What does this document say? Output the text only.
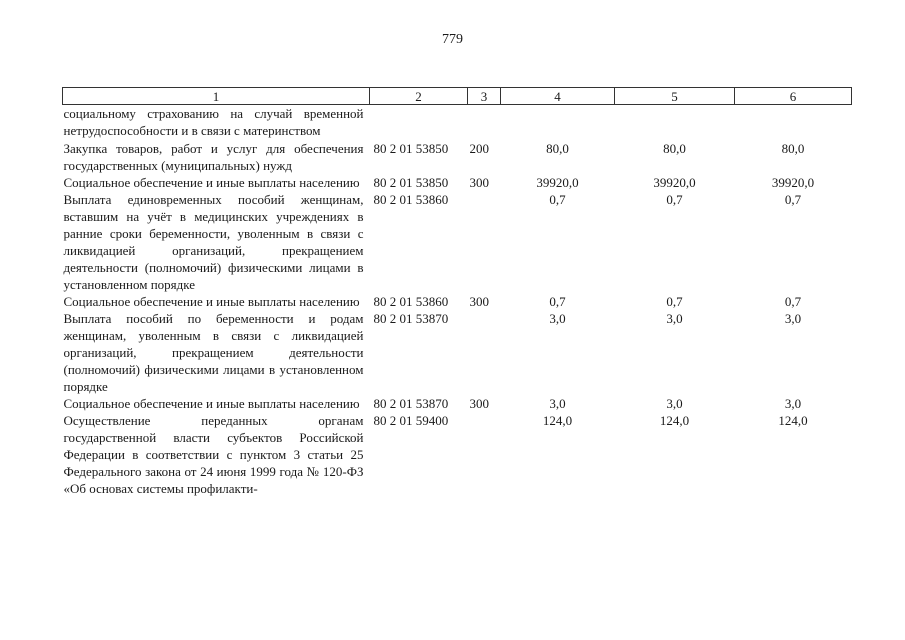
779
1	2	3	4	5	6
социальному страхованию на случай временной нетрудоспособности и в связи с материнством					
Закупка товаров, работ и услуг для обеспечения государственных (муниципальных) нужд	80 2 01 53850	200	80,0	80,0	80,0
Социальное обеспечение и иные выплаты населению	80 2 01 53850	300	39920,0	39920,0	39920,0
Выплата единовременных пособий женщинам, вставшим на учёт в медицинских учреждениях в ранние сроки беременности, уволенным в связи с ликвидацией организаций, прекращением деятельности (полномочий) физическими лицами в установленном порядке	80 2 01 53860		0,7	0,7	0,7
Социальное обеспечение и иные выплаты населению	80 2 01 53860	300	0,7	0,7	0,7
Выплата пособий по беременности и родам женщинам, уволенным в связи с ликвидацией организаций, прекращением деятельности (полномочий) физическими лицами в установленном порядке	80 2 01 53870		3,0	3,0	3,0
Социальное обеспечение и иные выплаты населению	80 2 01 53870	300	3,0	3,0	3,0
Осуществление переданных органам государственной власти субъектов Российской Федерации в соответствии с пунктом 3 статьи 25 Федерального закона от 24 июня 1999 года № 120-ФЗ «Об основах системы профилакти-	80 2 01 59400		124,0	124,0	124,0
